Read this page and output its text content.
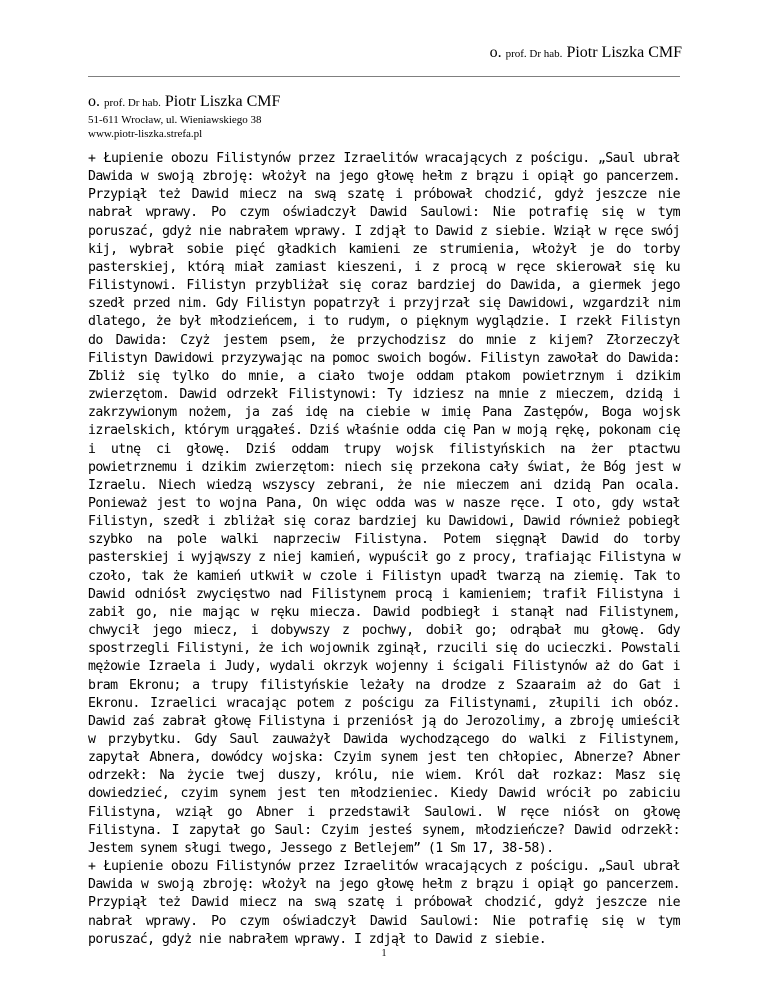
o. prof. Dr hab. Piotr Liszka CMF
o. prof. Dr hab. Piotr Liszka CMF
51-611 Wrocław, ul. Wieniawskiego 38
www.piotr-liszka.strefa.pl

+ Łupienie obozu Filistynów przez Izraelitów wracających z pościgu. „Saul ubrał Dawida w swoją zbroję: włożył na jego głowę hełm z brązu i opiął go pancerzem. Przypiął też Dawid miecz na swą szatę i próbował chodzić, gdyż jeszcze nie nabrał wprawy. Po czym oświadczył Dawid Saulowi: Nie potrafię się w tym poruszać, gdyż nie nabrałem wprawy. I zdjął to Dawid z siebie. Wziął w ręce swój kij, wybrał sobie pięć gładkich kamieni ze strumienia, włożył je do torby pasterskiej, którą miał zamiast kieszeni, i z procą w ręce skierował się ku Filistynowi. Filistyn przybliżał się coraz bardziej do Dawida, a giermek jego szedł przed nim. Gdy Filistyn popatrzył i przyjrzał się Dawidowi, wzgardził nim dlatego, że był młodzieńcem, i to rudym, o pięknym wyglądzie. I rzekł Filistyn do Dawida: Czyż jestem psem, że przychodzisz do mnie z kijem? Złorzeczył Filistyn Dawidowi przyzywając na pomoc swoich bogów. Filistyn zawołał do Dawida: Zbliż się tylko do mnie, a ciało twoje oddam ptakom powietrznym i dzikim zwierzętom. Dawid odrzekł Filistynowi: Ty idziesz na mnie z mieczem, dzidą i zakrzywionym nożem, ja zaś idę na ciebie w imię Pana Zastępów, Boga wojsk izraelskich, którym urągałeś. Dziś właśnie odda cię Pan w moją rękę, pokonam cię i utnę ci głowę. Dziś oddam trupy wojsk filistyńskich na żer ptactwu powietrznemu i dzikim zwierzętom: niech się przekona cały świat, że Bóg jest w Izraelu. Niech wiedzą wszyscy zebrani, że nie mieczem ani dzidą Pan ocala. Ponieważ jest to wojna Pana, On więc odda was w nasze ręce. I oto, gdy wstał Filistyn, szedł i zbliżał się coraz bardziej ku Dawidowi, Dawid również pobiegł szybko na pole walki naprzeciw Filistyna. Potem sięgnął Dawid do torby pasterskiej i wyjąwszy z niej kamień, wypuścił go z procy, trafiając Filistyna w czoło, tak że kamień utkwił w czole i Filistyn upadł twarzą na ziemię. Tak to Dawid odniósł zwycięstwo nad Filistynem procą i kamieniem; trafił Filistyna i zabił go, nie mając w ręku miecza. Dawid podbiegł i stanął nad Filistynem, chwycił jego miecz, i dobywszy z pochwy, dobił go; odrąbał mu głowę. Gdy spostrzegli Filistyni, że ich wojownik zginął, rzucili się do ucieczki. Powstali mężowie Izraela i Judy, wydali okrzyk wojenny i ścigali Filistynów aż do Gat i bram Ekronu; a trupy filistyńskie leżały na drodze z Szaaraim aż do Gat i Ekronu. Izraelici wracając potem z pościgu za Filistynami, złupili ich obóz. Dawid zaś zabrał głowę Filistyna i przeniósł ją do Jerozolimy, a zbroję umieścił w przybytku. Gdy Saul zauważył Dawida wychodzącego do walki z Filistynem, zapytał Abnera, dowódcy wojska: Czyim synem jest ten chłopiec, Abnerze? Abner odrzekł: Na życie twej duszy, królu, nie wiem. Król dał rozkaz: Masz się dowiedzieć, czyim synem jest ten młodzieniec. Kiedy Dawid wrócił po zabiciu Filistyna, wziął go Abner i przedstawił Saulowi. W ręce niósł on głowę Filistyna. I zapytał go Saul: Czyim jesteś synem, młodzieńcze? Dawid odrzekł: Jestem synem sługi twego, Jessego z Betlejem” (1 Sm 17, 38-58).

+ Łupienie obozu Filistynów przez Izraelitów wracających z pościgu. „Saul ubrał Dawida w swoją zbroję: włożył na jego głowę hełm z brązu i opiął go pancerzem. Przypiął też Dawid miecz na swą szatę i próbował chodzić, gdyż jeszcze nie nabrał wprawy. Po czym oświadczył Dawid Saulowi: Nie potrafię się w tym poruszać, gdyż nie nabrałem wprawy. I zdjął to Dawid z siebie.

1
